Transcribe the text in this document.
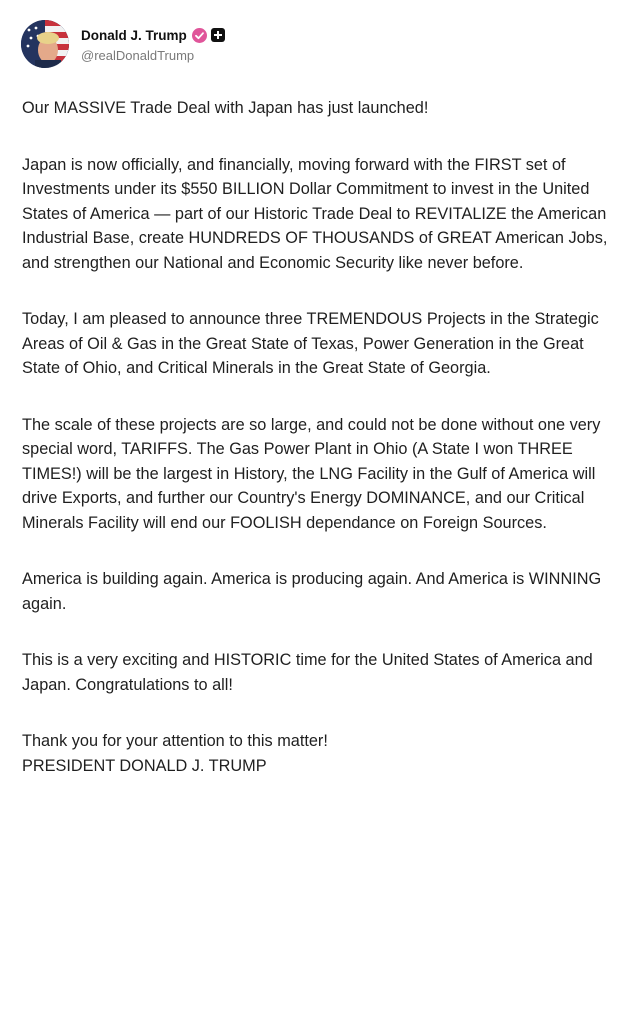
Donald J. Trump
@realDonaldTrump

Our MASSIVE Trade Deal with Japan has just launched!

Japan is now officially, and financially, moving forward with the FIRST set of Investments under its $550 BILLION Dollar Commitment to invest in the United States of America — part of our Historic Trade Deal to REVITALIZE the American Industrial Base, create HUNDREDS OF THOUSANDS of GREAT American Jobs, and strengthen our National and Economic Security like never before.

Today, I am pleased to announce three TREMENDOUS Projects in the Strategic Areas of Oil & Gas in the Great State of Texas, Power Generation in the Great State of Ohio, and Critical Minerals in the Great State of Georgia.

The scale of these projects are so large, and could not be done without one very special word, TARIFFS. The Gas Power Plant in Ohio (A State I won THREE TIMES!) will be the largest in History, the LNG Facility in the Gulf of America will drive Exports, and further our Country's Energy DOMINANCE, and our Critical Minerals Facility will end our FOOLISH dependance on Foreign Sources.

America is building again. America is producing again. And America is WINNING again.

This is a very exciting and HISTORIC time for the United States of America and Japan. Congratulations to all!

Thank you for your attention to this matter!

PRESIDENT DONALD J. TRUMP
